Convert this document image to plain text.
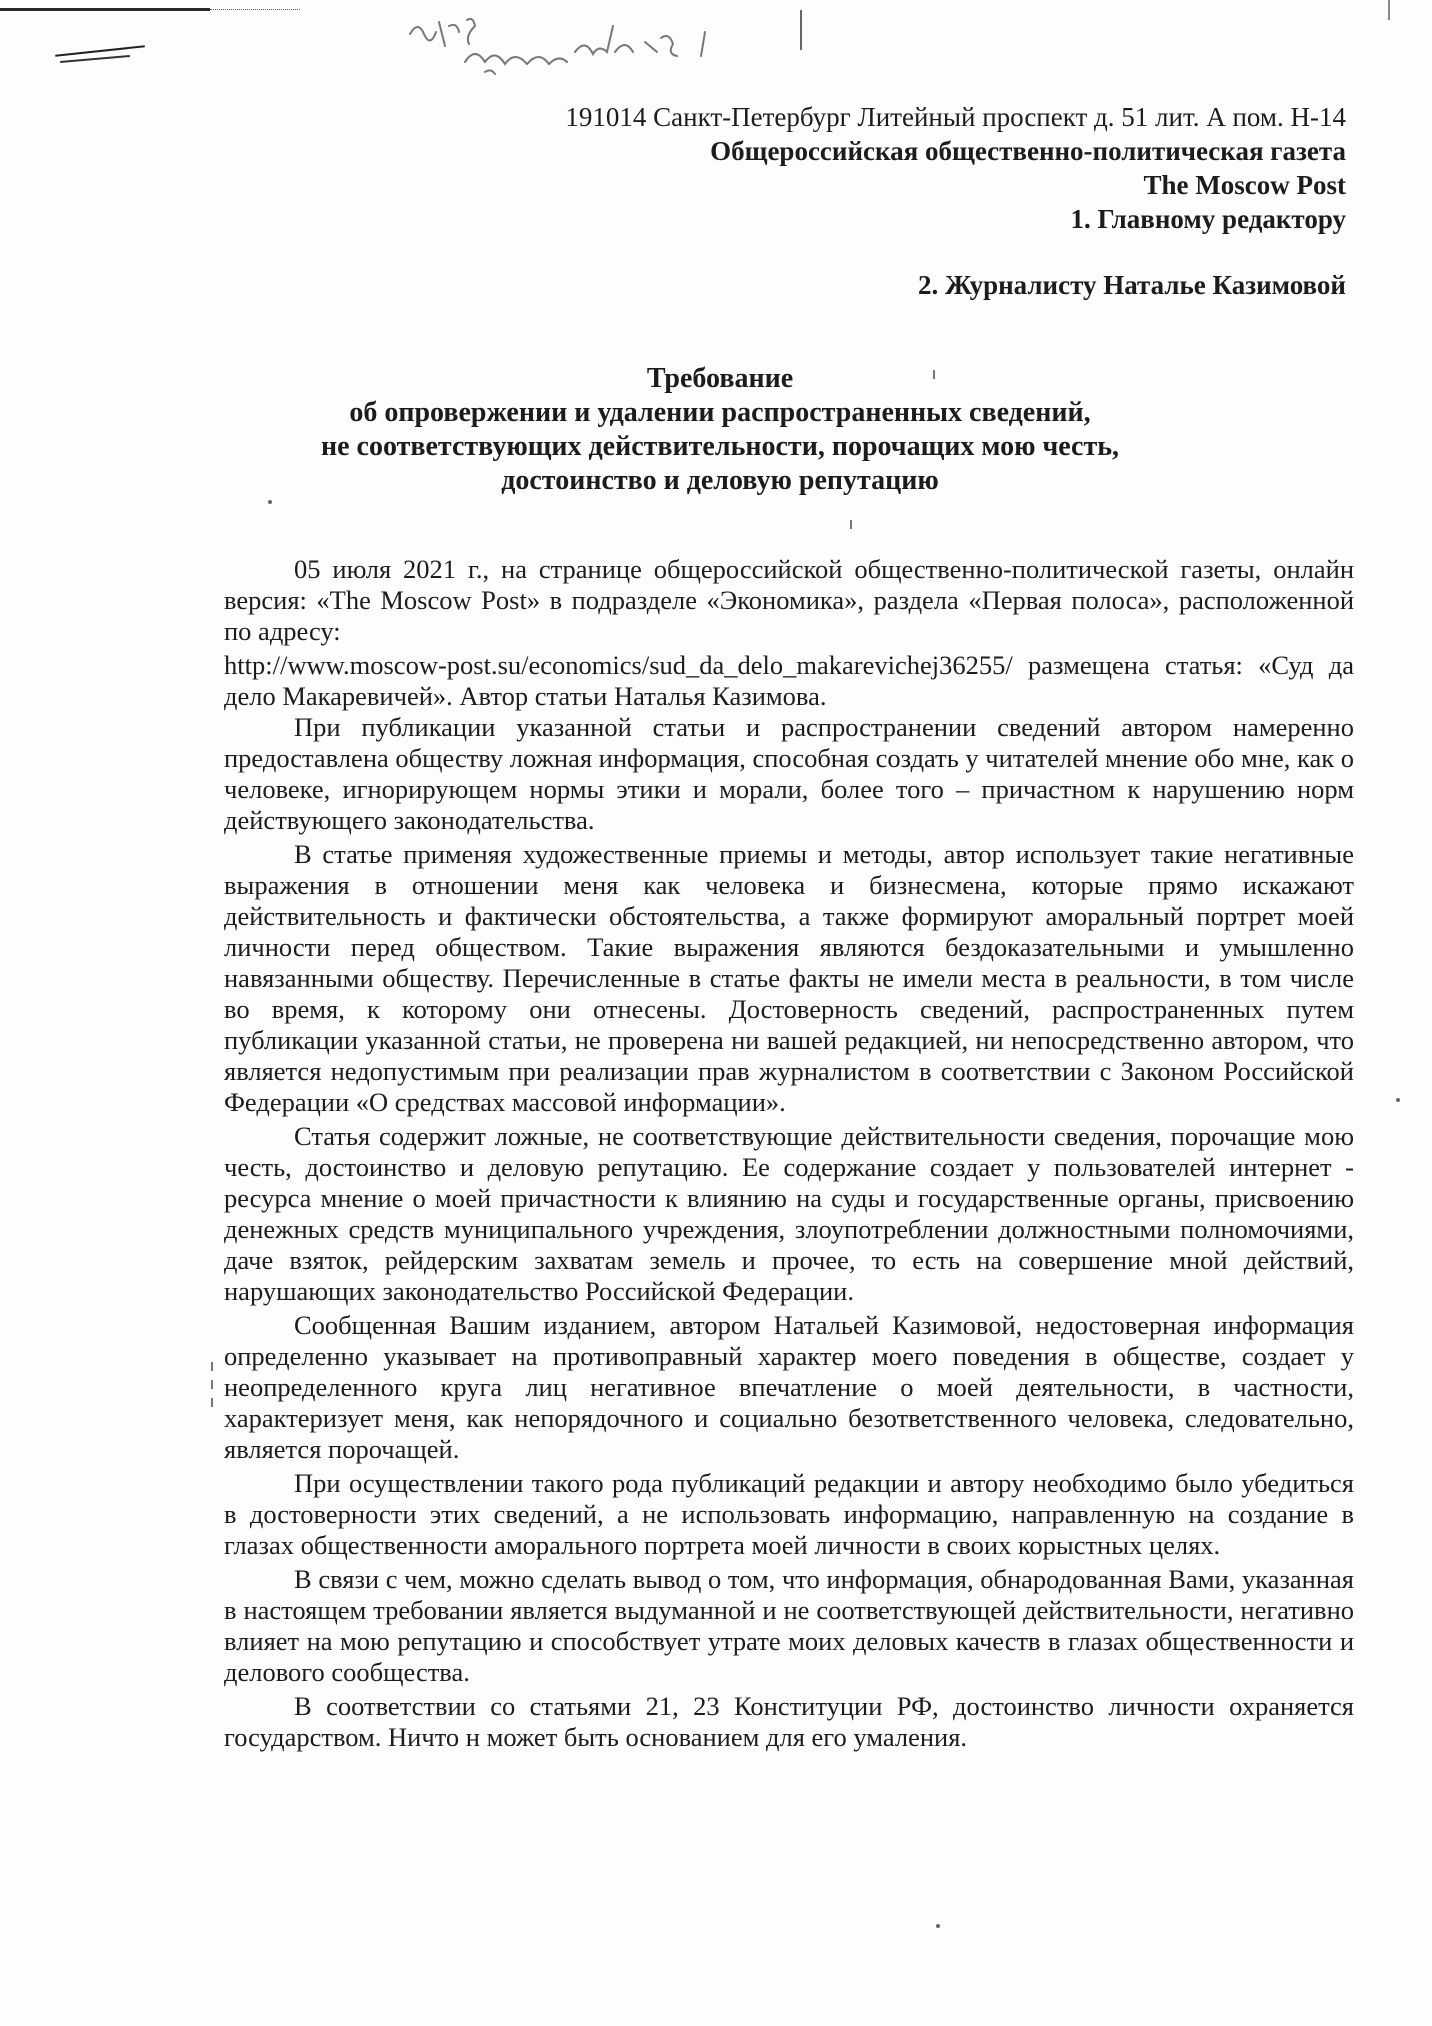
191014 Санкт-Петербург Литейный проспект д. 51 лит. А пом. Н-14
Общероссийская общественно-политическая газета
The Moscow Post
1. Главному редактору
2. Журналисту Наталье Казимовой
Требование
об опровержении и удалении распространенных сведений,
не соответствующих действительности, порочащих мою честь,
достоинство и деловую репутацию

05 июля 2021 г., на странице общероссийской общественно-политической газеты, онлайн версия: «The Moscow Post» в подразделе «Экономика», раздела «Первая полоса», расположенной по адресу:

http://www.moscow-post.su/economics/sud_da_delo_makarevichej36255/ размещена статья: «Суд да дело Макаревичей». Автор статьи Наталья Казимова.

При публикации указанной статьи и распространении сведений автором намеренно предоставлена обществу ложная информация, способная создать у читателей мнение обо мне, как о человеке, игнорирующем нормы этики и морали, более того – причастном к нарушению норм действующего законодательства.

В статье применяя художественные приемы и методы, автор использует такие негативные выражения в отношении меня как человека и бизнесмена, которые прямо искажают действительность и фактически обстоятельства, а также формируют аморальный портрет моей личности перед обществом. Такие выражения являются бездоказательными и умышленно навязанными обществу. Перечисленные в статье факты не имели места в реальности, в том числе во время, к которому они отнесены. Достоверность сведений, распространенных путем публикации указанной статьи, не проверена ни вашей редакцией, ни непосредственно автором, что является недопустимым при реализации прав журналистом в соответствии с Законом Российской Федерации «О средствах массовой информации».

Статья содержит ложные, не соответствующие действительности сведения, порочащие мою честь, достоинство и деловую репутацию. Ее содержание создает у пользователей интернет - ресурса мнение о моей причастности к влиянию на суды и государственные органы, присвоению денежных средств муниципального учреждения, злоупотреблении должностными полномочиями, даче взяток, рейдерским захватам земель и прочее, то есть на совершение мной действий, нарушающих законодательство Российской Федерации.

Сообщенная Вашим изданием, автором Натальей Казимовой, недостоверная информация определенно указывает на противоправный характер моего поведения в обществе, создает у неопределенного круга лиц негативное впечатление о моей деятельности, в частности, характеризует меня, как непорядочного и социально безответственного человека, следовательно, является порочащей.

При осуществлении такого рода публикаций редакции и автору необходимо было убедиться в достоверности этих сведений, а не использовать информацию, направленную на создание в глазах общественности аморального портрета моей личности в своих корыстных целях.

В связи с чем, можно сделать вывод о том, что информация, обнародованная Вами, указанная в настоящем требовании является выдуманной и не соответствующей действительности, негативно влияет на мою репутацию и способствует утрате моих деловых качеств в глазах общественности и делового сообщества.

В соответствии со статьями 21, 23 Конституции РФ, достоинство личности охраняется государством. Ничто н может быть основанием для его умаления.
